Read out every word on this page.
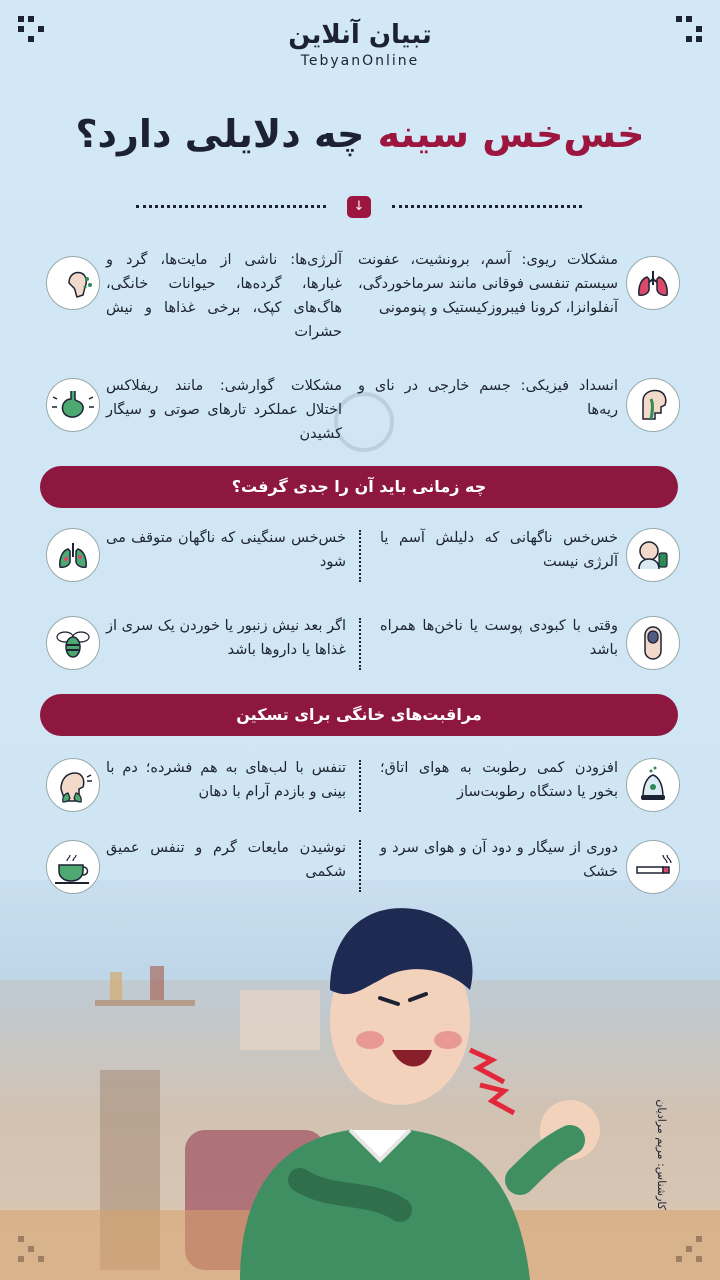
تبیان آنلاین
TebyanOnline
خس‌خس سینه چه دلایلی دارد؟
↓
مشکلات ریوی: آسم، برونشیت، عفونت سیستم تنفسی فوقانی مانند سرماخوردگی، آنفلوانزا، کرونا فیبروزکیستیک و پنومونی
آلرژی‌ها: ناشی از مایت‌ها، گرد و غبارها، گرده‌ها، حیوانات خانگی، هاگ‌های کپک، برخی غذاها و نیش حشرات
انسداد فیزیکی: جسم خارجی در نای و ریه‌ها
مشکلات گوارشی: مانند ریفلاکس اختلال عملکرد تارهای صوتی و سیگار کشیدن
چه زمانی باید آن را جدی گرفت؟
خس‌خس ناگهانی که دلیلش آسم یا آلرژی نیست
خس‌خس سنگینی که ناگهان متوقف می شود
وقتی با کبودی پوست یا ناخن‌ها همراه باشد
اگر بعد نیش زنبور یا خوردن یک سری از غذاها یا داروها باشد
مراقبت‌های خانگی برای تسکین
افزودن کمی رطوبت به هوای اتاق؛ بخور یا دستگاه رطوبت‌ساز
تنفس با لب‌های به هم فشرده؛ دم با بینی و بازدم آرام با دهان
دوری از سیگار و دود آن و هوای سرد و خشک
نوشیدن مایعات گرم و تنفس عمیق شکمی
کارشناس: مریم مرادیان
